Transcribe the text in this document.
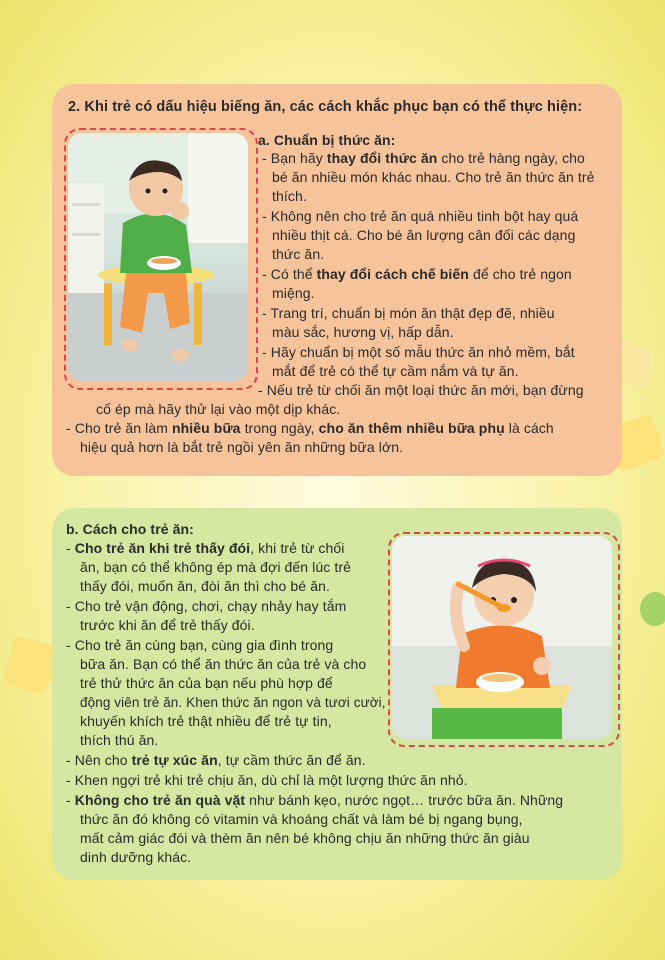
2. Khi trẻ có dấu hiệu biếng ăn, các cách khắc phục bạn có thể thực hiện:
a. Chuẩn bị thức ăn:
- Bạn hãy thay đổi thức ăn cho trẻ hàng ngày, cho
bé ăn nhiều món khác nhau. Cho trẻ ăn thức ăn trẻ
thích.
- Không nên cho trẻ ăn quá nhiều tinh bột hay quá
nhiều thịt cá. Cho bé ăn lượng cân đối các dạng
thức ăn.
- Có thể thay đổi cách chế biến để cho trẻ ngon
miệng.
- Trang trí, chuẩn bị món ăn thật đẹp đẽ, nhiều
màu sắc, hương vị, hấp dẫn.
- Hãy chuẩn bị một số mẫu thức ăn nhỏ mềm, bắt
mắt để trẻ có thể tự cầm nắm và tự ăn.
- Nếu trẻ từ chối ăn một loại thức ăn mới, bạn đừng
cố ép mà hãy thử lại vào một dịp khác.
- Cho trẻ ăn làm nhiều bữa trong ngày, cho ăn thêm nhiều bữa phụ là cách
hiệu quả hơn là bắt trẻ ngồi yên ăn những bữa lớn.
b. Cách cho trẻ ăn:
- Cho trẻ ăn khi trẻ thấy đói, khi trẻ từ chối
ăn, bạn có thể không ép mà đợi đến lúc trẻ
thấy đói, muốn ăn, đòi ăn thì cho bé ăn.
- Cho trẻ vận động, chơi, chạy nhảy hay tắm
trước khi ăn để trẻ thấy đói.
- Cho trẻ ăn cùng bạn, cùng gia đình trong
bữa ăn. Bạn có thể ăn thức ăn của trẻ và cho
trẻ thử thức ăn của bạn nếu phù hợp để
động viên trẻ ăn. Khen thức ăn ngon và tươi cười,
khuyến khích trẻ thật nhiều để trẻ tự tin,
thích thú ăn.
- Nên cho trẻ tự xúc ăn, tự cầm thức ăn để ăn.
- Khen ngợi trẻ khi trẻ chịu ăn, dù chỉ là một lượng thức ăn nhỏ.
- Không cho trẻ ăn quà vặt như bánh kẹo, nước ngọt… trước bữa ăn. Những
thức ăn đó không có vitamin và khoáng chất và làm bé bị ngang bụng,
mất cảm giác đói và thèm ăn nên bé không chịu ăn những thức ăn giàu
dinh dưỡng khác.
